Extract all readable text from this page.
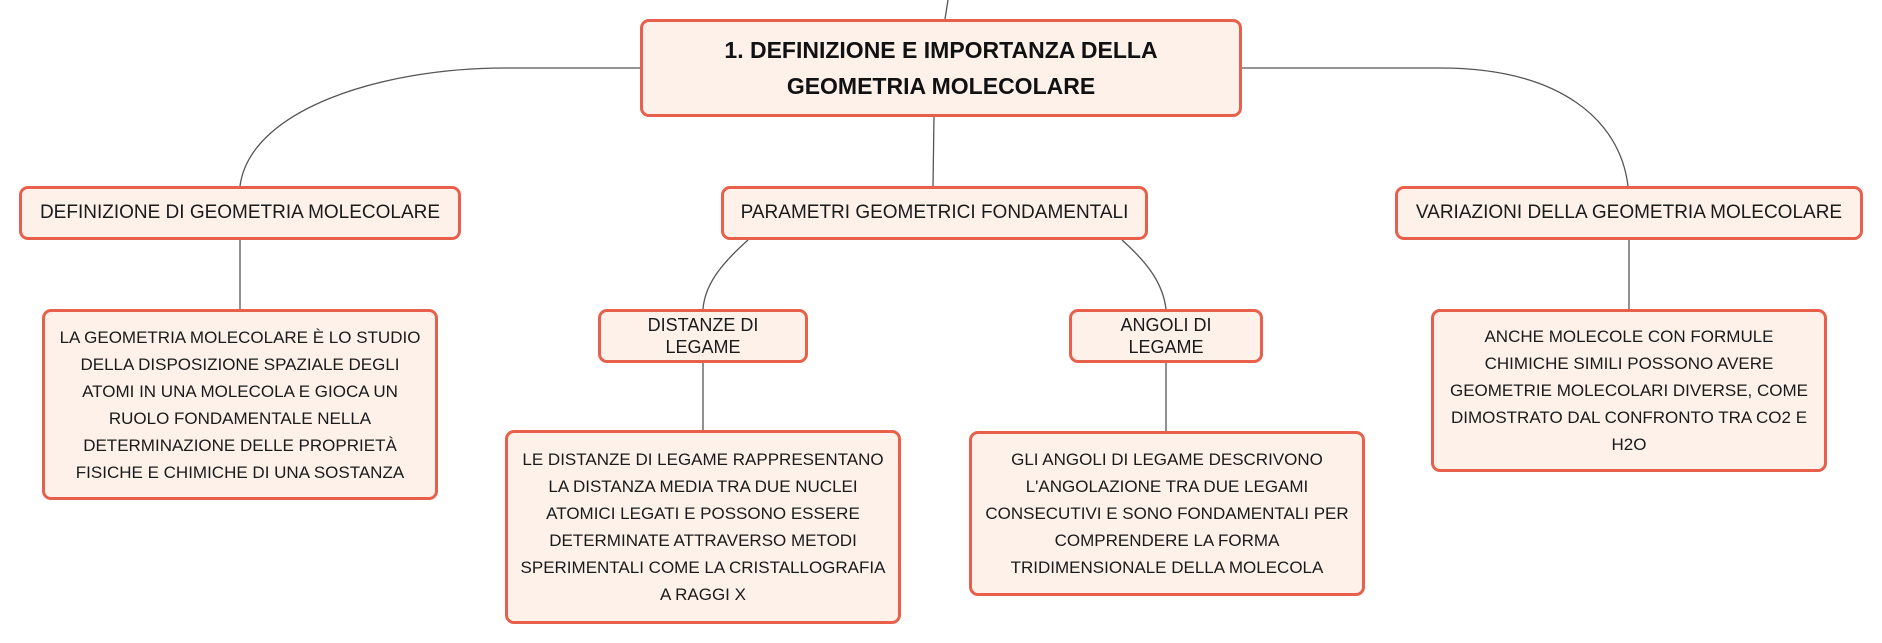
1. DEFINIZIONE E IMPORTANZA DELLA GEOMETRIA MOLECOLARE
DEFINIZIONE DI GEOMETRIA MOLECOLARE	PARAMETRI GEOMETRICI FONDAMENTALI	VARIAZIONI DELLA GEOMETRIA MOLECOLARE
DISTANZE DI LEGAME
ANGOLI DI LEGAME
LA GEOMETRIA MOLECOLARE È LO STUDIO DELLA DISPOSIZIONE SPAZIALE DEGLI ATOMI IN UNA MOLECOLA E GIOCA UN RUOLO FONDAMENTALE NELLA DETERMINAZIONE DELLE PROPRIETÀ FISICHE E CHIMICHE DI UNA SOSTANZA
LE DISTANZE DI LEGAME RAPPRESENTANO LA DISTANZA MEDIA TRA DUE NUCLEI ATOMICI LEGATI E POSSONO ESSERE DETERMINATE ATTRAVERSO METODI SPERIMENTALI COME LA CRISTALLOGRAFIA A RAGGI X
GLI ANGOLI DI LEGAME DESCRIVONO L'ANGOLAZIONE TRA DUE LEGAMI CONSECUTIVI E SONO FONDAMENTALI PER COMPRENDERE LA FORMA TRIDIMENSIONALE DELLA MOLECOLA
ANCHE MOLECOLE CON FORMULE CHIMICHE SIMILI POSSONO AVERE GEOMETRIE MOLECOLARI DIVERSE, COME DIMOSTRATO DAL CONFRONTO TRA CO2 E H2O
